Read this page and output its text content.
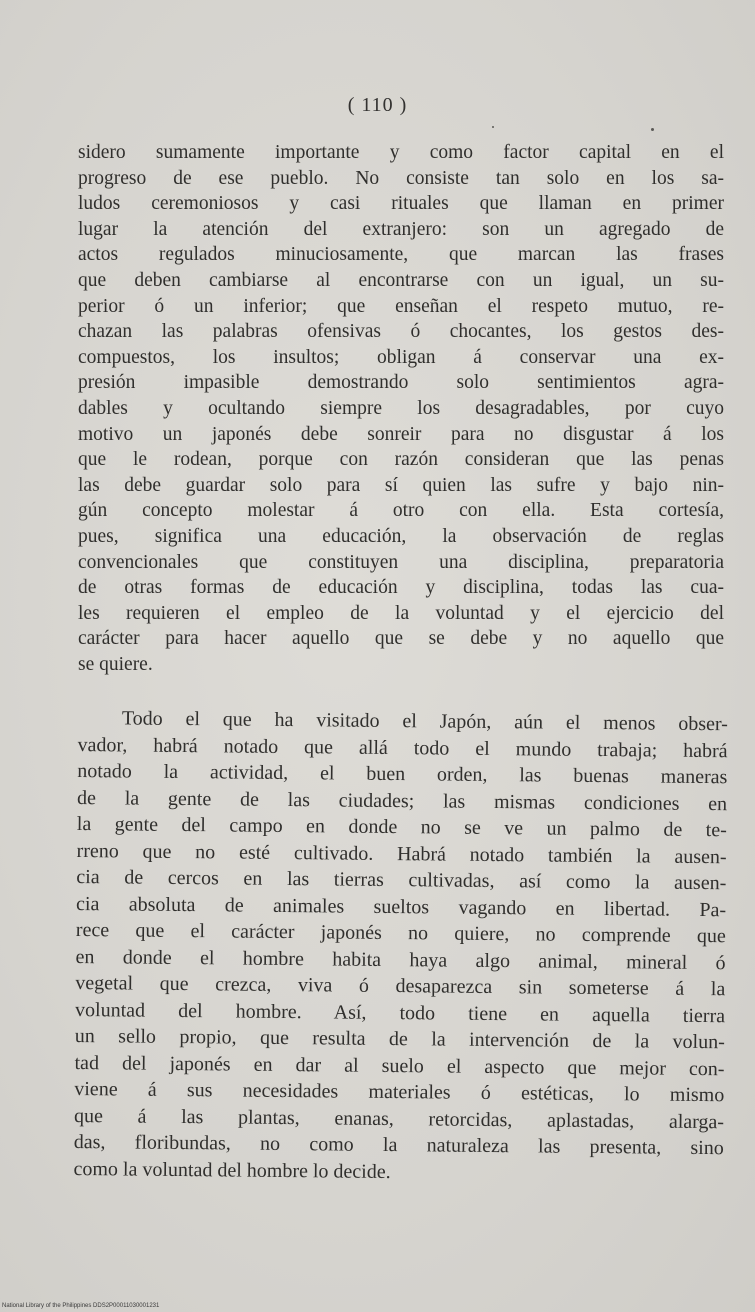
( 110 )
sidero sumamente importante y como factor capital en el
progreso de ese pueblo. No consiste tan solo en los sa-
ludos ceremoniosos y casi rituales que llaman en primer
lugar la atención del extranjero: son un agregado de
actos regulados minuciosamente, que marcan las frases
que deben cambiarse al encontrarse con un igual, un su-
perior ó un inferior; que enseñan el respeto mutuo, re-
chazan las palabras ofensivas ó chocantes, los gestos des-
compuestos, los insultos; obligan á conservar una ex-
presión impasible demostrando solo sentimientos agra-
dables y ocultando siempre los desagradables, por cuyo
motivo un japonés debe sonreir para no disgustar á los
que le rodean, porque con razón consideran que las penas
las debe guardar solo para sí quien las sufre y bajo nin-
gún concepto molestar á otro con ella. Esta cortesía,
pues, significa una educación, la observación de reglas
convencionales que constituyen una disciplina, preparatoria
de otras formas de educación y disciplina, todas las cua-
les requieren el empleo de la voluntad y el ejercicio del
carácter para hacer aquello que se debe y no aquello que
se quiere.
Todo el que ha visitado el Japón, aún el menos obser-
vador, habrá notado que allá todo el mundo trabaja; habrá
notado la actividad, el buen orden, las buenas maneras
de la gente de las ciudades; las mismas condiciones en
la gente del campo en donde no se ve un palmo de te-
rreno que no esté cultivado. Habrá notado también la ausen-
cia de cercos en las tierras cultivadas, así como la ausen-
cia absoluta de animales sueltos vagando en libertad. Pa-
rece que el carácter japonés no quiere, no comprende que
en donde el hombre habita haya algo animal, mineral ó
vegetal que crezca, viva ó desaparezca sin someterse á la
voluntad del hombre. Así, todo tiene en aquella tierra
un sello propio, que resulta de la intervención de la volun-
tad del japonés en dar al suelo el aspecto que mejor con-
viene á sus necesidades materiales ó estéticas, lo mismo
que á las plantas, enanas, retorcidas, aplastadas, alarga-
das, floribundas, no como la naturaleza las presenta, sino
como la voluntad del hombre lo decide.
National Library of the Philippines DDS2P0001103000123​1
